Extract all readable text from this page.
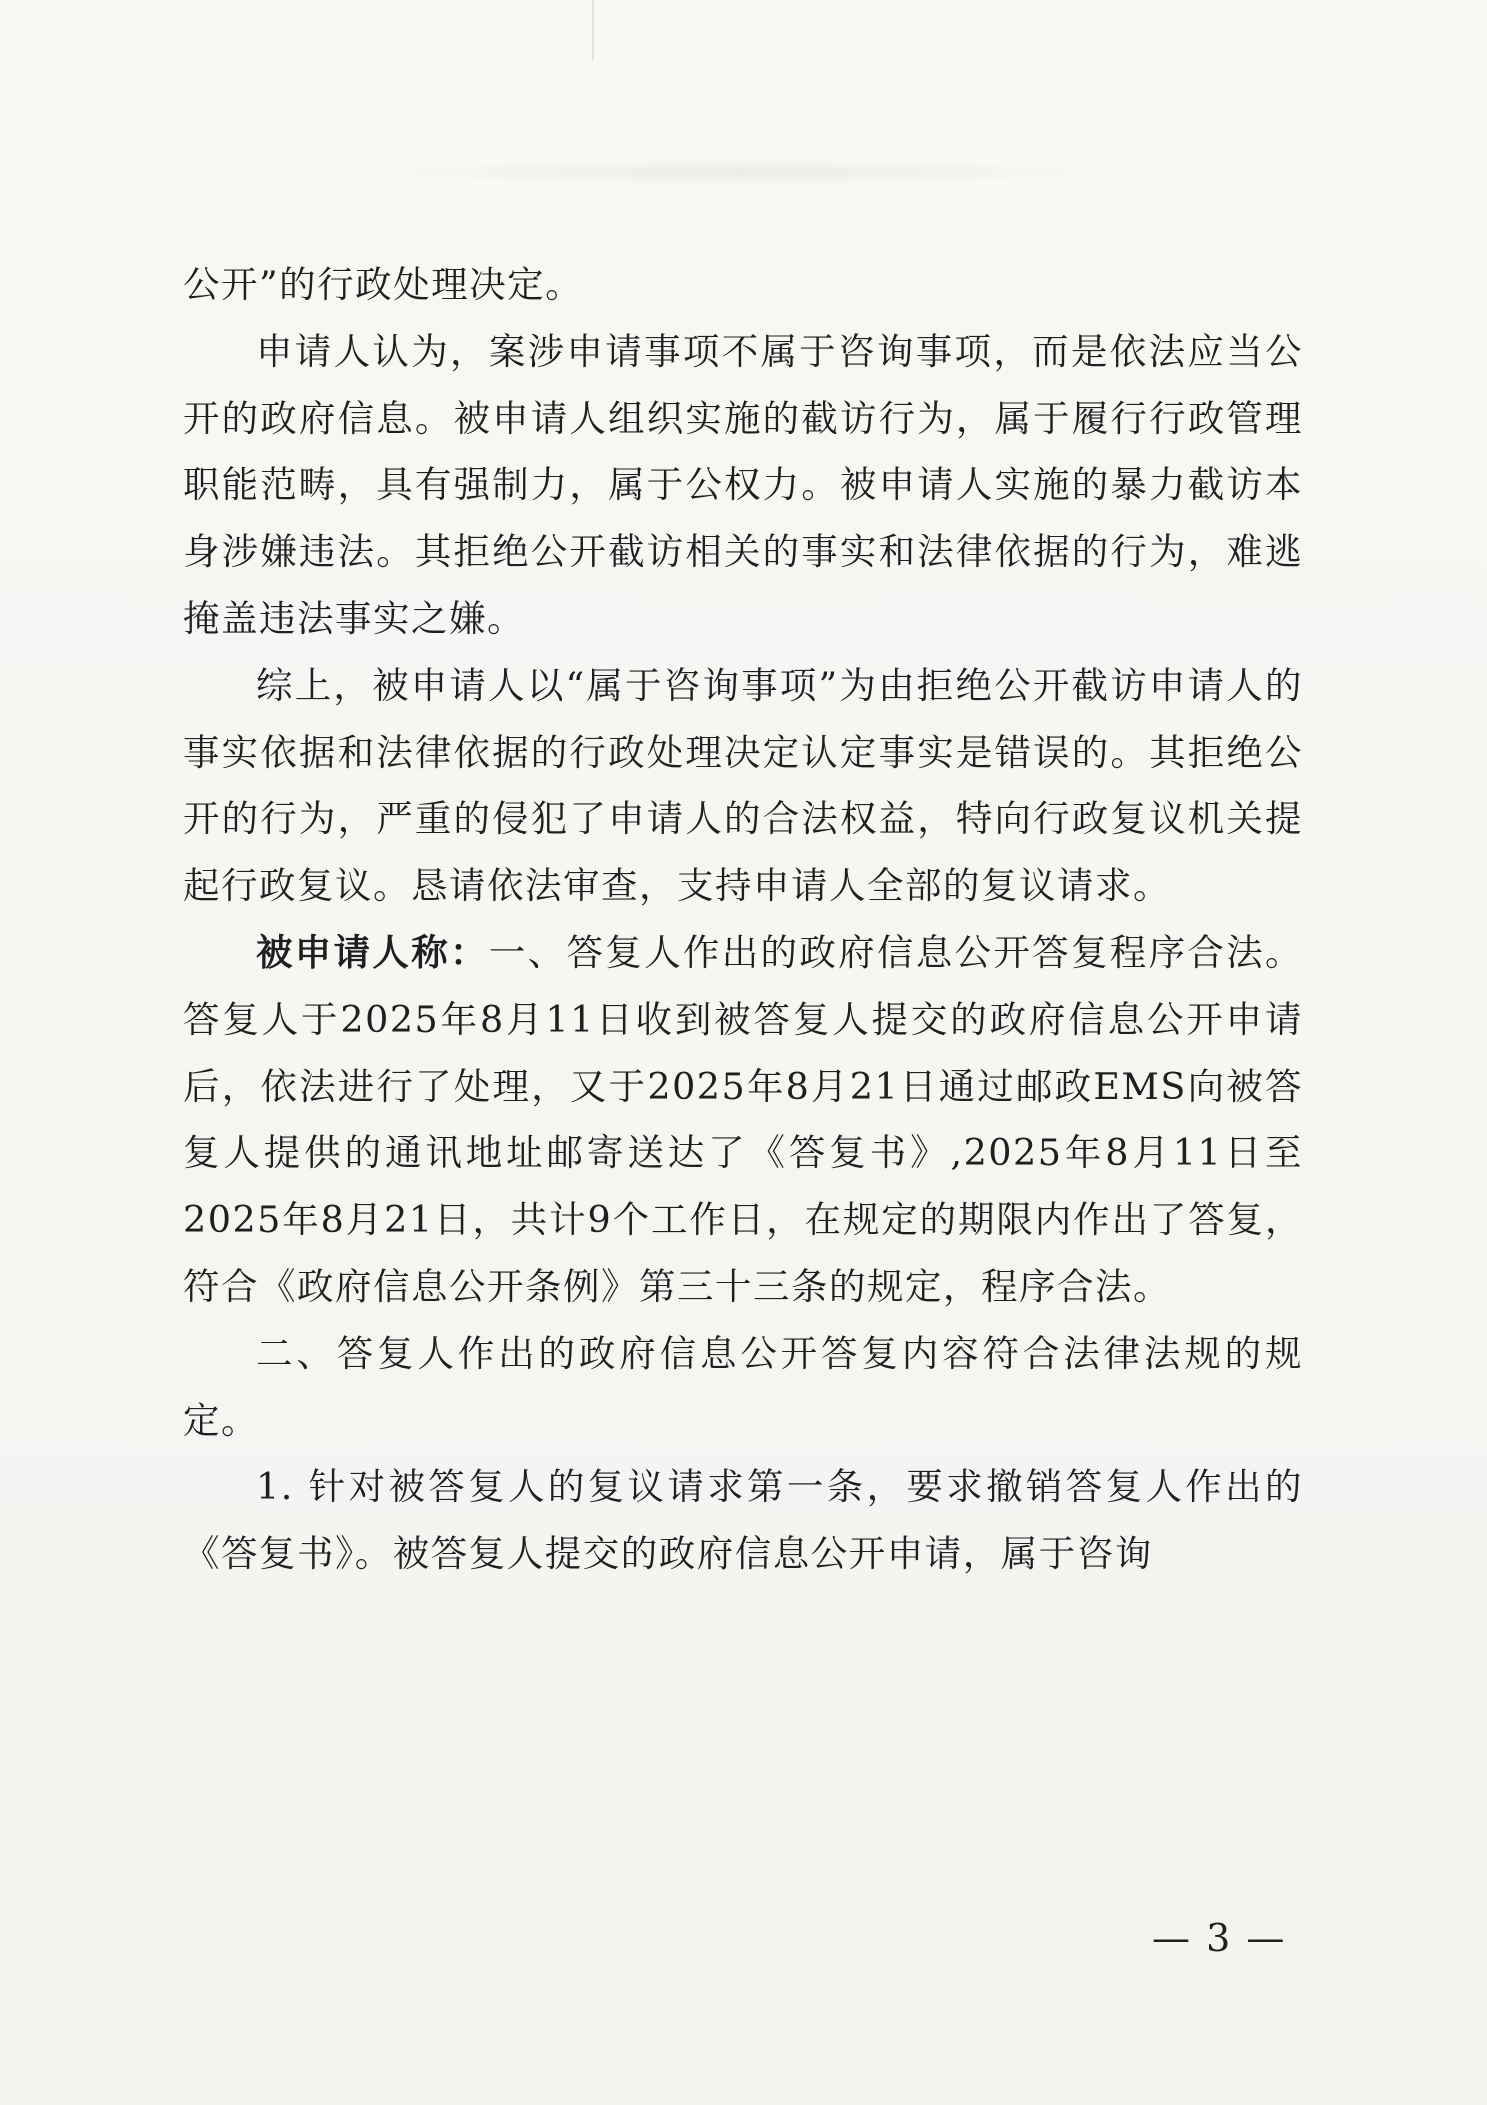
公开”的行政处理决定。

申请人认为，案涉申请事项不属于咨询事项，而是依法应当公开的政府信息。被申请人组织实施的截访行为，属于履行行政管理职能范畴，具有强制力，属于公权力。被申请人实施的暴力截访本身涉嫌违法。其拒绝公开截访相关的事实和法律依据的行为，难逃掩盖违法事实之嫌。

综上，被申请人以“属于咨询事项”为由拒绝公开截访申请人的事实依据和法律依据的行政处理决定认定事实是错误的。其拒绝公开的行为，严重的侵犯了申请人的合法权益，特向行政复议机关提起行政复议。恳请依法审查，支持申请人全部的复议请求。

被申请人称：一、答复人作出的政府信息公开答复程序合法。答复人于2025年8月11日收到被答复人提交的政府信息公开申请后，依法进行了处理，又于2025年8月21日通过邮政EMS向被答复人提供的通讯地址邮寄送达了《答复书》,2025年8月11日至2025年8月21日，共计9个工作日，在规定的期限内作出了答复，符合《政府信息公开条例》第三十三条的规定，程序合法。

二、答复人作出的政府信息公开答复内容符合法律法规的规定。

1. 针对被答复人的复议请求第一条，要求撤销答复人作出的《答复书》。被答复人提交的政府信息公开申请，属于咨询

— 3 —
